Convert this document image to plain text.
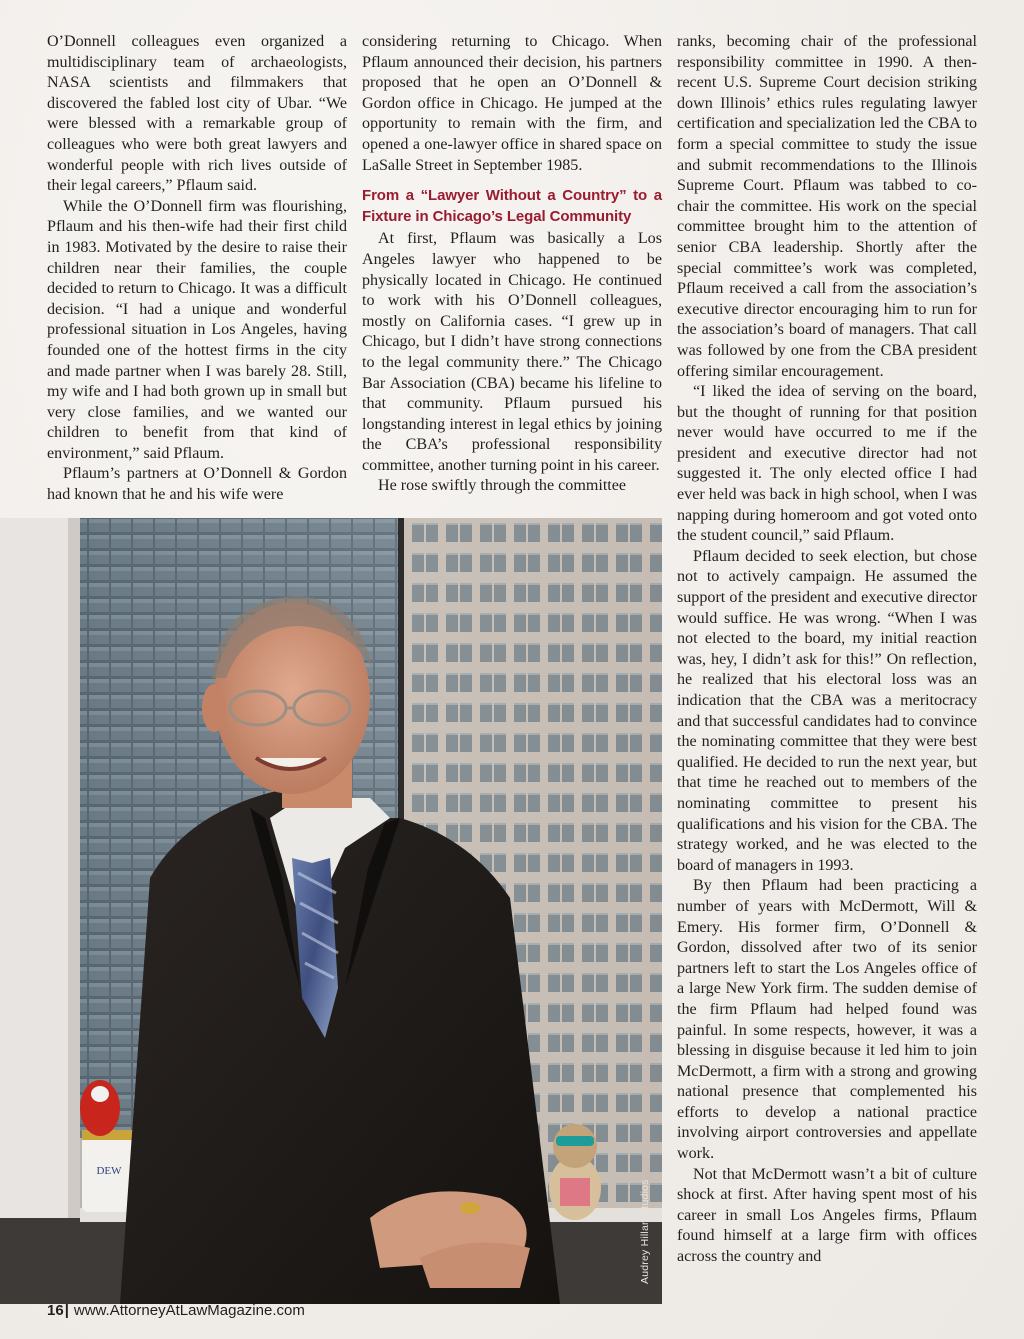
O’Donnell colleagues even organized a multidisciplinary team of archaeologists, NASA scientists and filmmakers that discovered the fabled lost city of Ubar. “We were blessed with a remarkable group of colleagues who were both great lawyers and wonderful people with rich lives outside of their legal careers,” Pflaum said.

While the O’Donnell firm was flourishing, Pflaum and his then-wife had their first child in 1983. Motivated by the desire to raise their children near their families, the couple decided to return to Chicago. It was a difficult decision. “I had a unique and wonderful professional situation in Los Angeles, having founded one of the hottest firms in the city and made partner when I was barely 28. Still, my wife and I had both grown up in small but very close families, and we wanted our children to benefit from that kind of environment,” said Pflaum.

Pflaum’s partners at O’Donnell & Gordon had known that he and his wife were

considering returning to Chicago. When Pflaum announced their decision, his partners proposed that he open an O’Donnell & Gordon office in Chicago. He jumped at the opportunity to remain with the firm, and opened a one-lawyer office in shared space on LaSalle Street in September 1985.

From a “Lawyer Without a Country” to a Fixture in Chicago’s Legal Community

At first, Pflaum was basically a Los Angeles lawyer who happened to be physically located in Chicago. He continued to work with his O’Donnell colleagues, mostly on California cases. “I grew up in Chicago, but I didn’t have strong connections to the legal community there.” The Chicago Bar Association (CBA) became his lifeline to that community. Pflaum pursued his longstanding interest in legal ethics by joining the CBA’s professional responsibility committee, another turning point in his career.

He rose swiftly through the committee

ranks, becoming chair of the professional responsibility committee in 1990. A then-recent U.S. Supreme Court decision striking down Illinois’ ethics rules regulating lawyer certification and specialization led the CBA to form a special committee to study the issue and submit recommendations to the Illinois Supreme Court. Pflaum was tabbed to co-chair the committee. His work on the special committee brought him to the attention of senior CBA leadership. Shortly after the special committee’s work was completed, Pflaum received a call from the association’s executive director encouraging him to run for the association’s board of managers. That call was followed by one from the CBA president offering similar encouragement.

“I liked the idea of serving on the board, but the thought of running for that position never would have occurred to me if the president and executive director had not suggested it. The only elected office I had ever held was back in high school, when I was napping during homeroom and got voted onto the student council,” said Pflaum.

Pflaum decided to seek election, but chose not to actively campaign. He assumed the support of the president and executive director would suffice. He was wrong. “When I was not elected to the board, my initial reaction was, hey, I didn’t ask for this!” On reflection, he realized that his electoral loss was an indication that the CBA was a meritocracy and that successful candidates had to convince the nominating committee that they were best qualified. He decided to run the next year, but that time he reached out to members of the nominating committee to present his qualifications and his vision for the CBA. The strategy worked, and he was elected to the board of managers in 1993.

By then Pflaum had been practicing a number of years with McDermott, Will & Emery. His former firm, O’Donnell & Gordon, dissolved after two of its senior partners left to start the Los Angeles office of a large New York firm. The sudden demise of the firm Pflaum had helped found was painful. In some respects, however, it was a blessing in disguise because it led him to join McDermott, a firm with a strong and growing national presence that complemented his efforts to develop a national practice involving airport controversies and appellate work.

Not that McDermott wasn’t a bit of culture shock at first. After having spent most of his career in small Los Angeles firms, Pflaum found himself at a large firm with offices across the country and

DEW
Audrey Hillan Studios
16| www.AttorneyAtLawMagazine.com
